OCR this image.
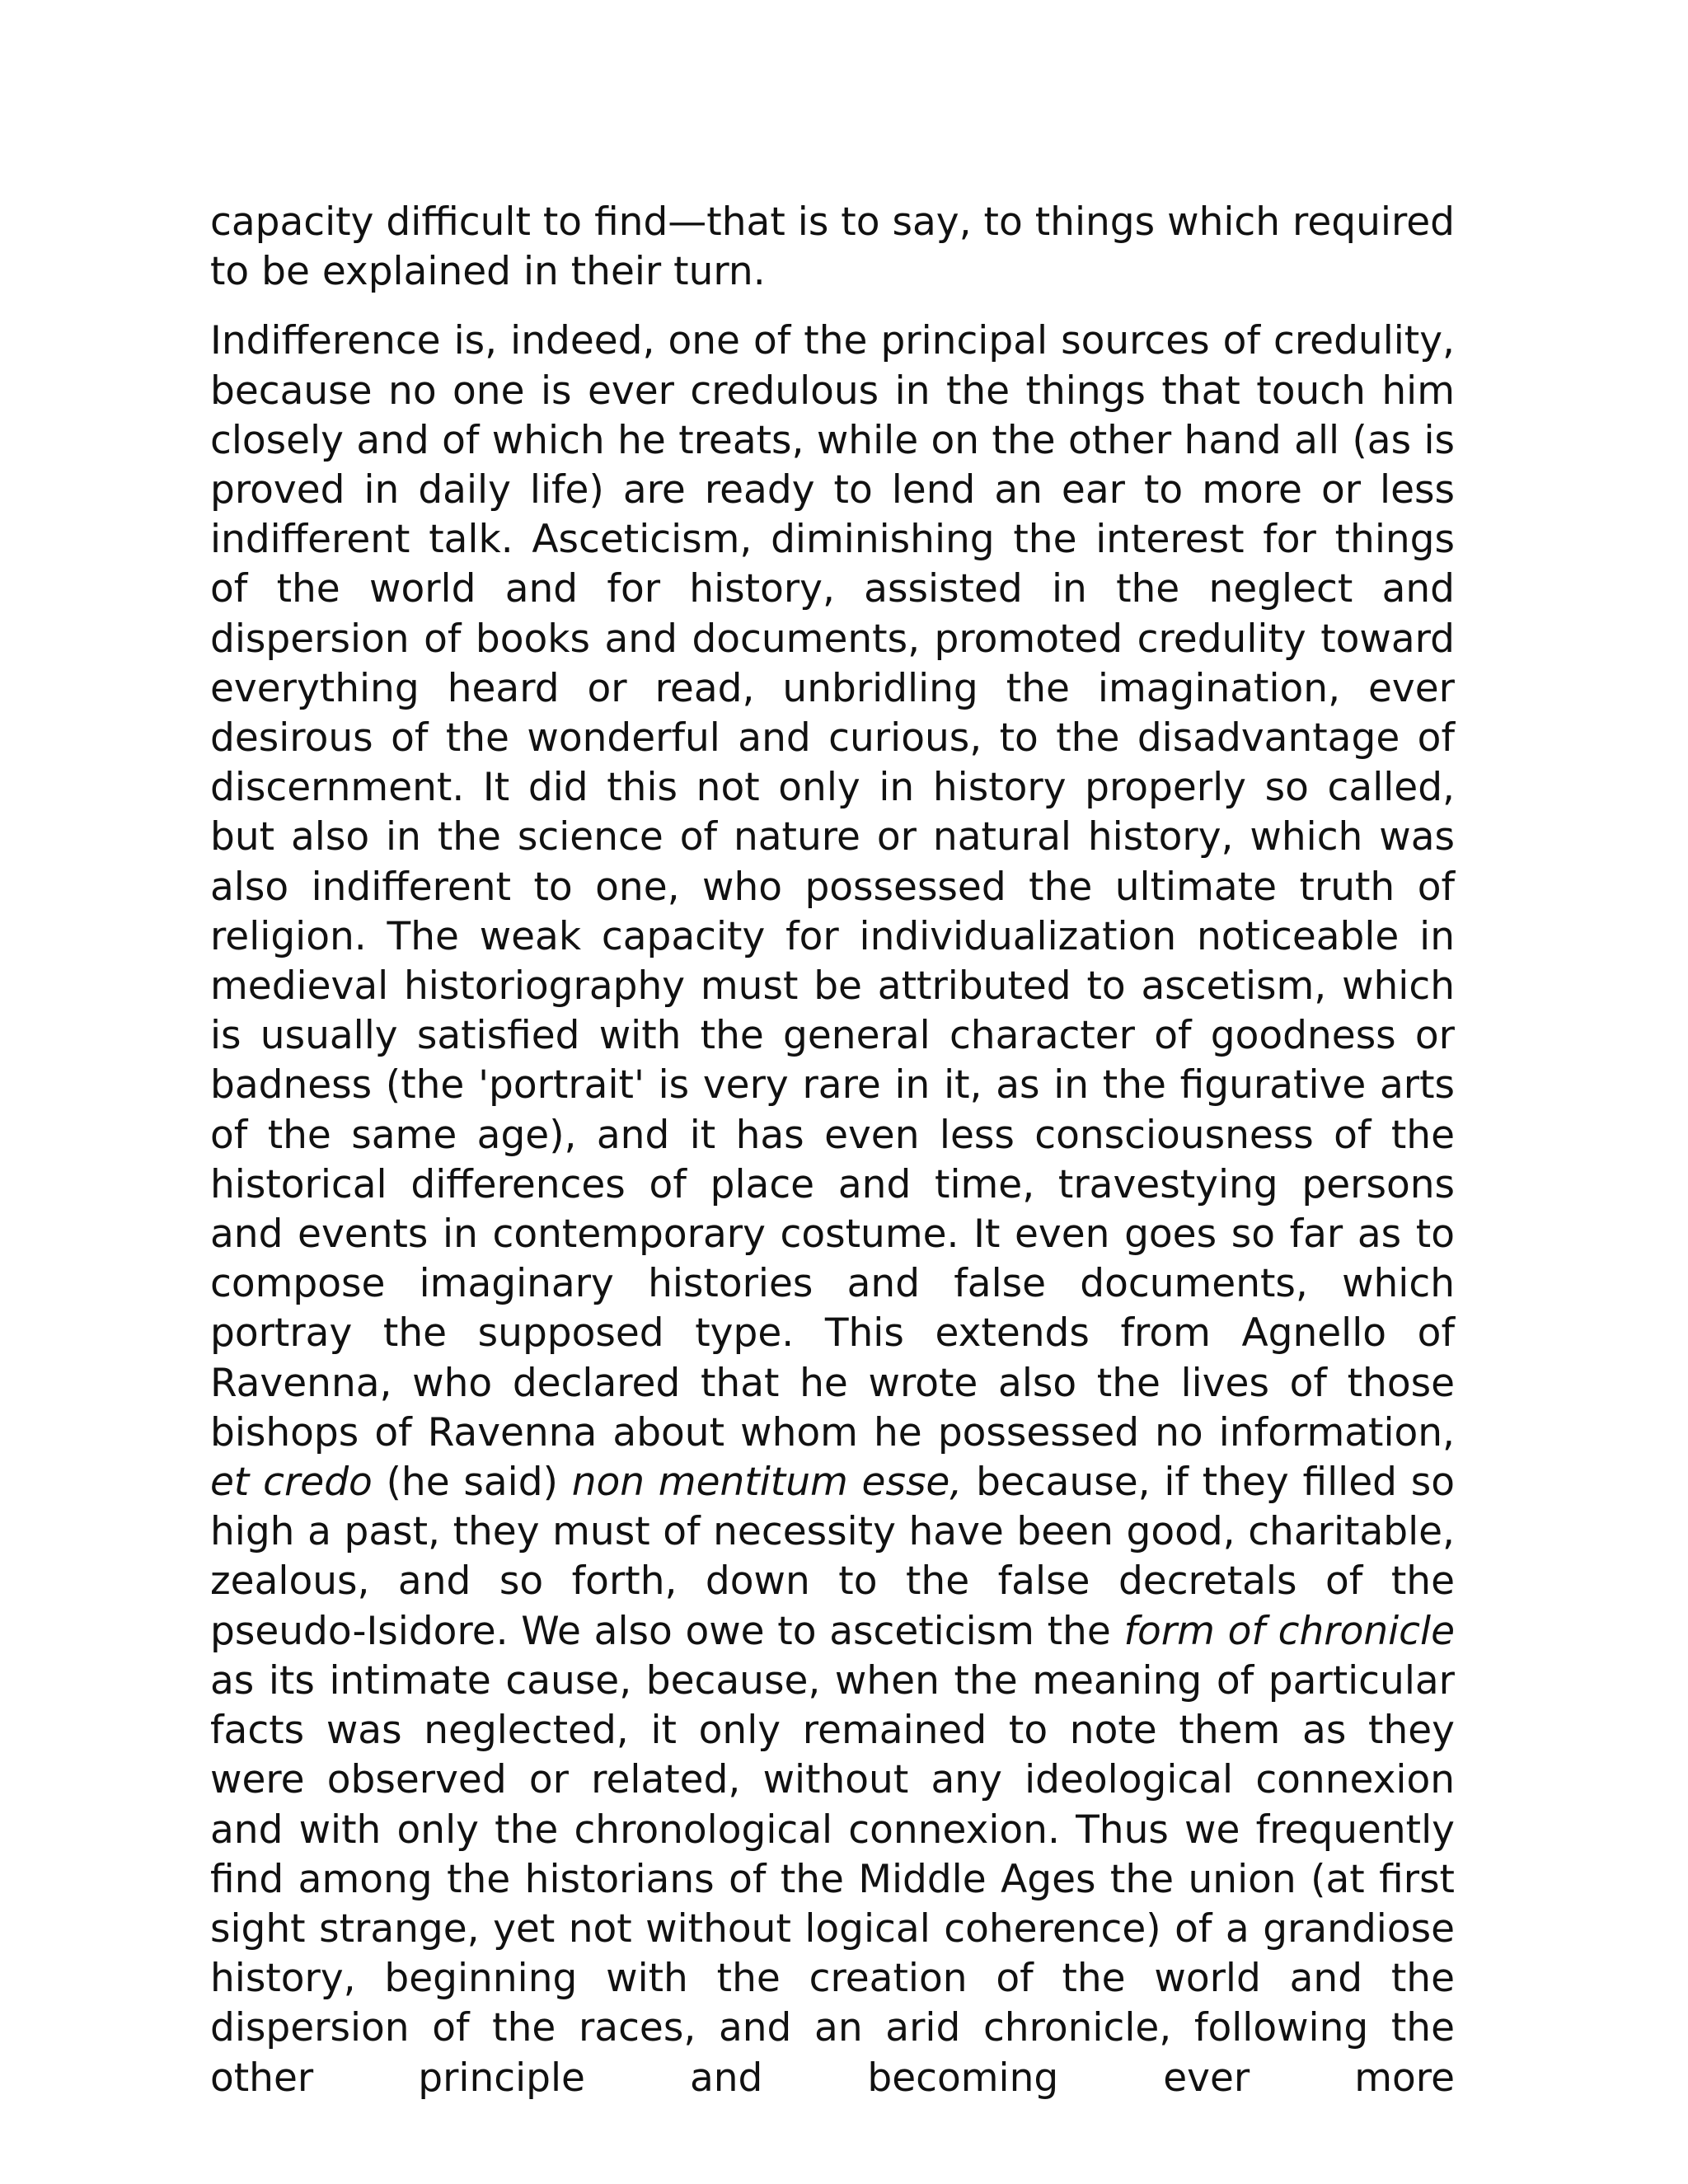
capacity difficult to find—that is to say, to things which required to be explained in their turn.

Indifference is, indeed, one of the principal sources of credulity, because no one is ever credulous in the things that touch him closely and of which he treats, while on the other hand all (as is proved in daily life) are ready to lend an ear to more or less indifferent talk. Asceticism, diminishing the interest for things of the world and for history, assisted in the neglect and dispersion of books and documents, promoted credulity toward everything heard or read, unbridling the imagination, ever desirous of the wonderful and curious, to the disadvantage of discernment. It did this not only in history properly so called, but also in the science of nature or natural history, which was also indifferent to one, who possessed the ultimate truth of religion. The weak capacity for individualization noticeable in medieval historiography must be attributed to ascetism, which is usually satisfied with the general character of goodness or badness (the 'portrait' is very rare in it, as in the figurative arts of the same age), and it has even less consciousness of the historical differences of place and time, travestying persons and events in contemporary costume. It even goes so far as to compose imaginary histories and false documents, which portray the supposed type. This extends from Agnello of Ravenna, who declared that he wrote also the lives of those bishops of Ravenna about whom he possessed no information, et credo (he said) non mentitum esse, because, if they filled so high a past, they must of necessity have been good, charitable, zealous, and so forth, down to the false decretals of the pseudo-Isidore. We also owe to asceticism the form of chronicle as its intimate cause, because, when the meaning of particular facts was neglected, it only remained to note them as they were observed or related, without any ideological connexion and with only the chronological connexion. Thus we frequently find among the historians of the Middle Ages the union (at first sight strange, yet not without logical coherence) of a grandiose history, beginning with the creation of the world and the dispersion of the races, and an arid chronicle, following the other principle and becoming ever more
